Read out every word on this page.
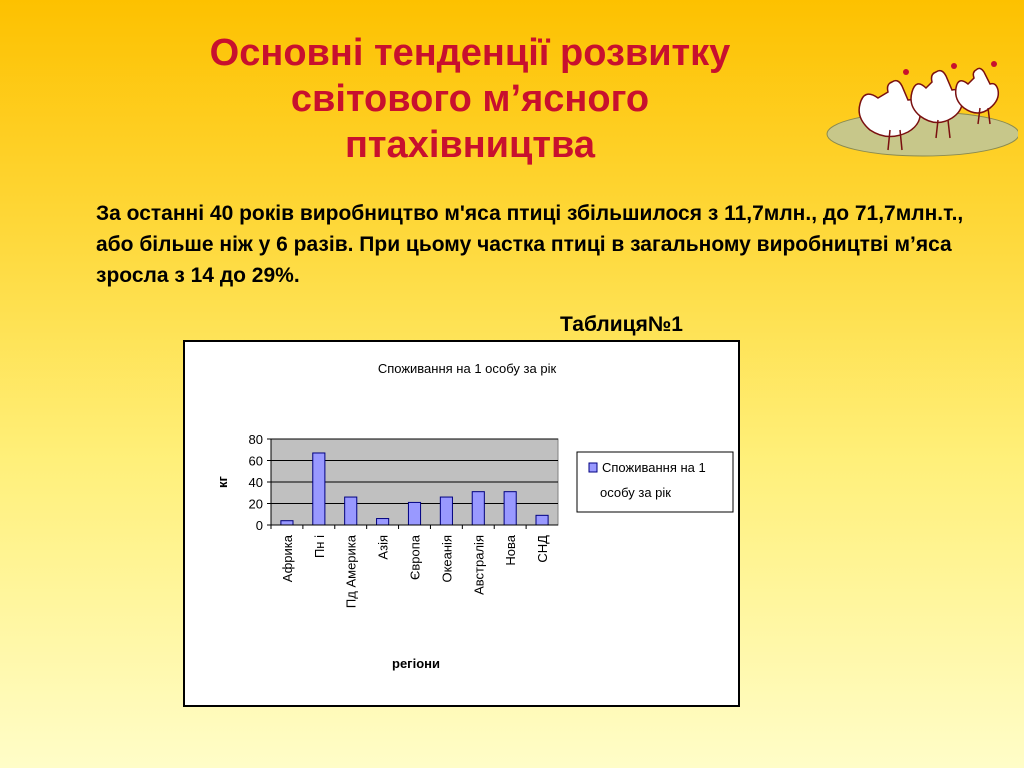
Основні тенденції розвитку
світового м’ясного
птахівництва

За останні 40 років виробництво м'яса птиці збільшилося з 11,7млн., до 71,7млн.т., або більше ніж у 6 разів. При цьому частка птиці в загальному виробництві м’яса зросла з 14 до 29%.

Таблиця№1
Споживання на 1 особу за рік
0
20
40
60
80
Африка Пн і Пд Америка Азія Європа Океанія Австралія Нова СНД
кг
регіони
Споживання на 1
особу за рік
